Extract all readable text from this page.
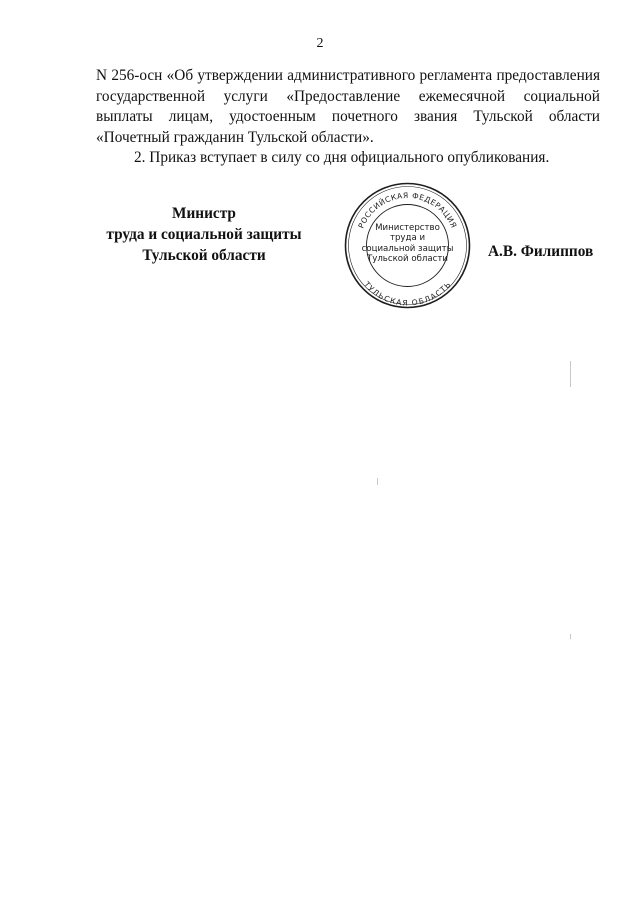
2

N 256-осн «Об утверждении административного регламента предоставления государственной услуги «Предоставление ежемесячной социальной выплаты лицам, удостоенным почетного звания Тульской области «Почетный гражданин Тульской области».

2. Приказ вступает в силу со дня официального опубликования.

Министр
труда и социальной защиты
Тульской области
РОССИЙСКАЯ ФЕДЕРАЦИЯ
ТУЛЬСКАЯ ОБЛАСТЬ
Министерство
труда и
социальной защиты
Тульской области	А.В. Филиппов
